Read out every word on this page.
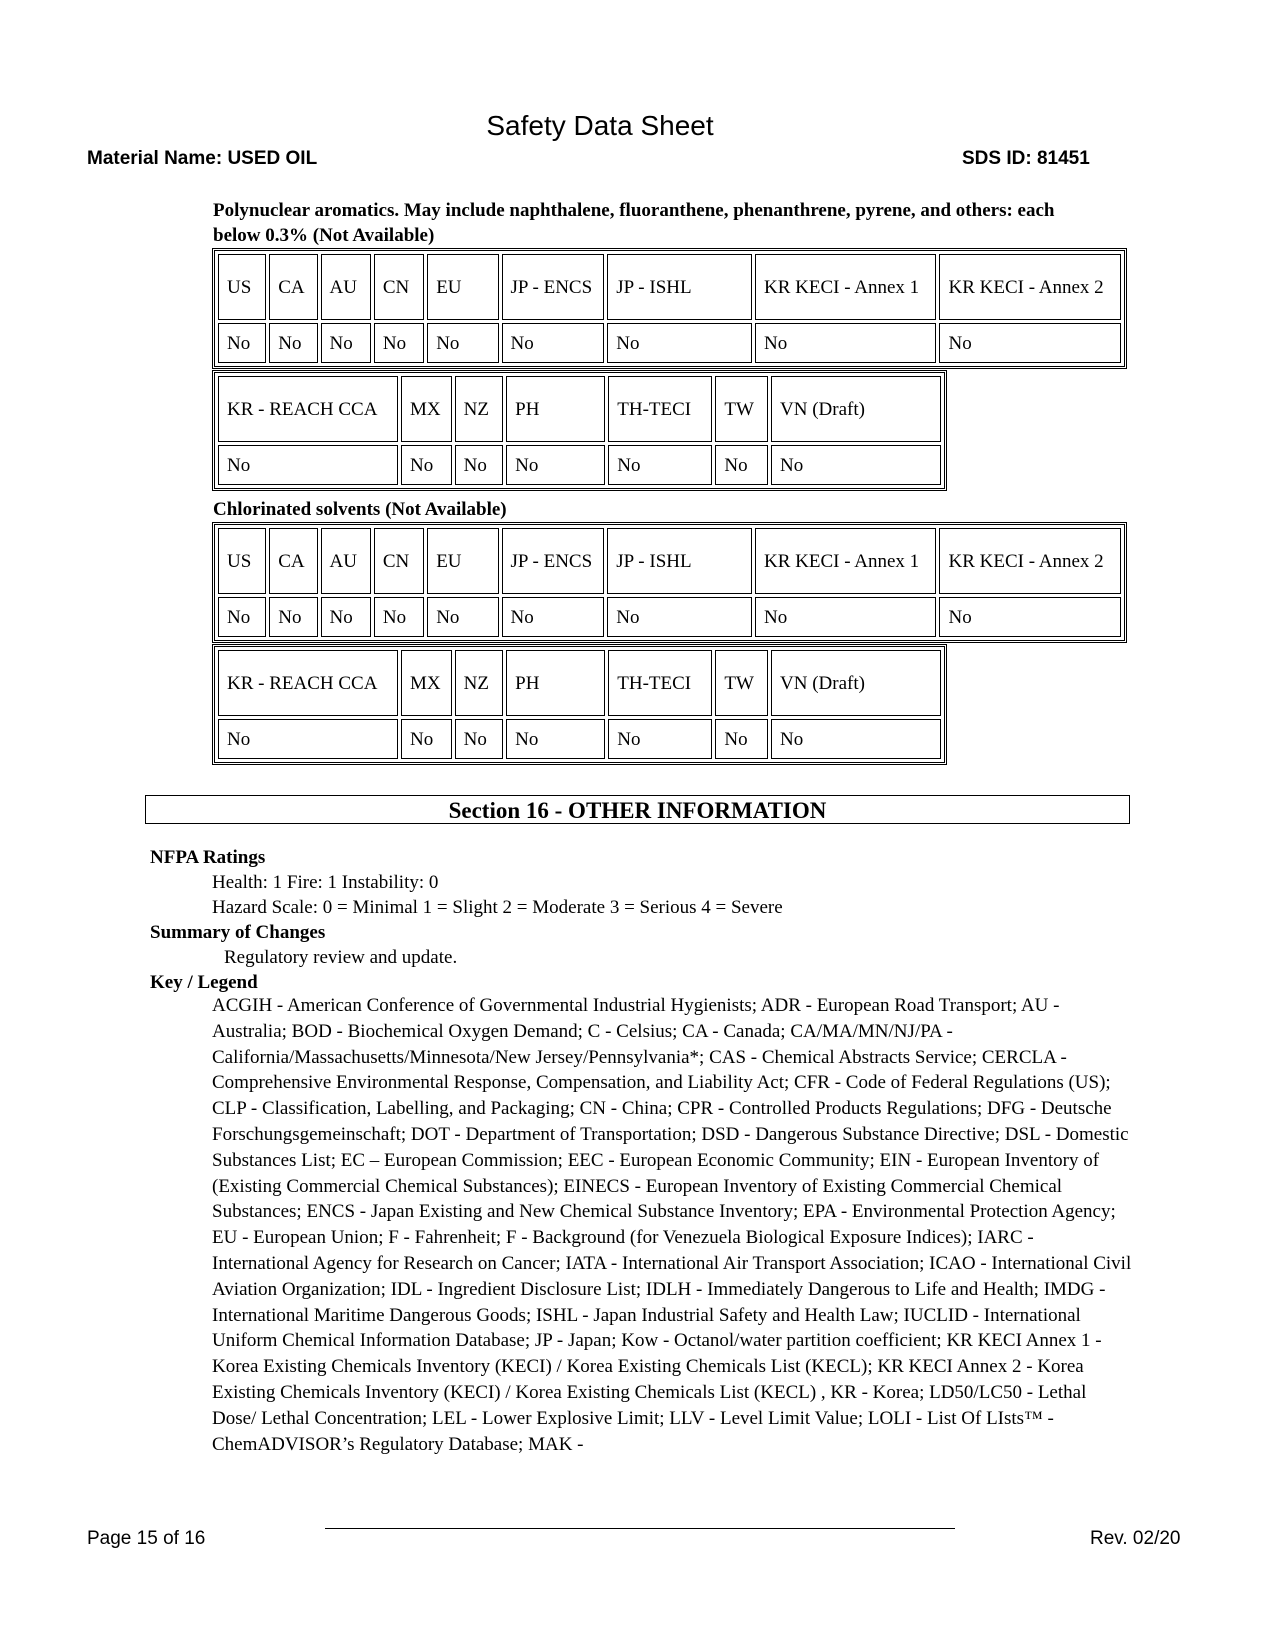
Safety Data Sheet
Material Name: USED OIL	SDS ID: 81451
Polynuclear aromatics. May include naphthalene, fluoranthene, phenanthrene, pyrene, and others: each below 0.3% (Not Available)
US	CA	AU	CN	EU	JP - ENCS	JP - ISHL	KR KECI - Annex 1	KR KECI - Annex 2
No	No	No	No	No	No	No	No	No
KR - REACH CCA	MX	NZ	PH	TH-TECI	TW	VN (Draft)
No	No	No	No	No	No	No
Chlorinated solvents (Not Available)
US	CA	AU	CN	EU	JP - ENCS	JP - ISHL	KR KECI - Annex 1	KR KECI - Annex 2
No	No	No	No	No	No	No	No	No
KR - REACH CCA	MX	NZ	PH	TH-TECI	TW	VN (Draft)
No	No	No	No	No	No	No
Section 16 - OTHER INFORMATION
NFPA Ratings
Health: 1 Fire: 1 Instability: 0
Hazard Scale: 0 = Minimal 1 = Slight 2 = Moderate 3 = Serious 4 = Severe
Summary of Changes
Regulatory review and update.
Key / Legend
ACGIH - American Conference of Governmental Industrial Hygienists; ADR - European Road Transport; AU - Australia; BOD - Biochemical Oxygen Demand; C - Celsius; CA - Canada; CA/MA/MN/NJ/PA - California/Massachusetts/Minnesota/New Jersey/Pennsylvania*; CAS - Chemical Abstracts Service; CERCLA - Comprehensive Environmental Response, Compensation, and Liability Act; CFR - Code of Federal Regulations (US); CLP - Classification, Labelling, and Packaging; CN - China; CPR - Controlled Products Regulations; DFG - Deutsche Forschungsgemeinschaft; DOT - Department of Transportation; DSD - Dangerous Substance Directive; DSL - Domestic Substances List; EC – European Commission; EEC - European Economic Community; EIN - European Inventory of (Existing Commercial Chemical Substances); EINECS - European Inventory of Existing Commercial Chemical Substances; ENCS - Japan Existing and New Chemical Substance Inventory; EPA - Environmental Protection Agency; EU - European Union; F - Fahrenheit; F - Background (for Venezuela Biological Exposure Indices); IARC - International Agency for Research on Cancer; IATA - International Air Transport Association; ICAO - International Civil Aviation Organization; IDL - Ingredient Disclosure List; IDLH - Immediately Dangerous to Life and Health; IMDG - International Maritime Dangerous Goods; ISHL - Japan Industrial Safety and Health Law; IUCLID - International Uniform Chemical Information Database; JP - Japan; Kow - Octanol/water partition coefficient; KR KECI Annex 1 - Korea Existing Chemicals Inventory (KECI) / Korea Existing Chemicals List (KECL); KR KECI Annex 2 - Korea Existing Chemicals Inventory (KECI) / Korea Existing Chemicals List (KECL) , KR - Korea; LD50/LC50 - Lethal Dose/ Lethal Concentration; LEL - Lower Explosive Limit; LLV - Level Limit Value; LOLI - List Of LIsts™ - ChemADVISOR’s Regulatory Database; MAK -
Page 15 of 16	Rev. 02/20
